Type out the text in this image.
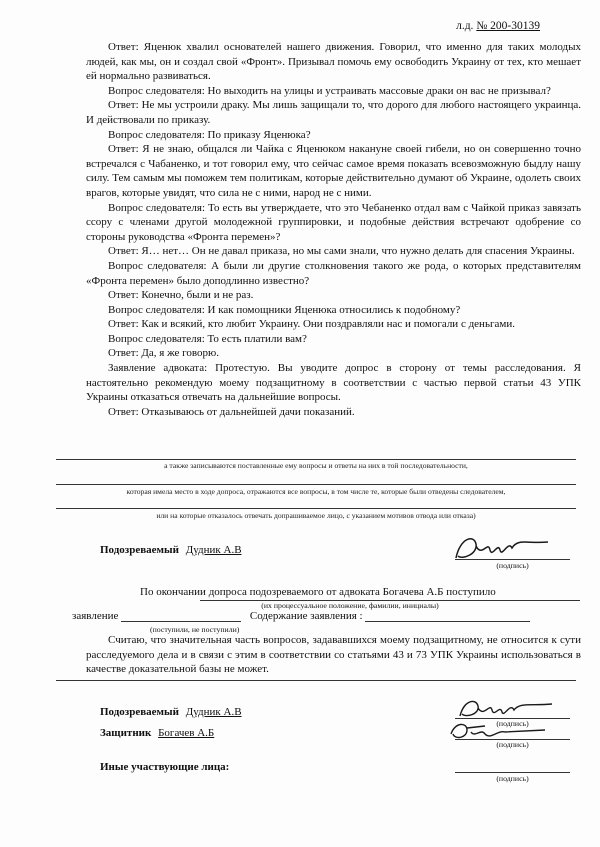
л.д. № 200-30139

Ответ: Яценюк хвалил основателей нашего движения. Говорил, что именно для таких молодых людей, как мы, он и создал свой «Фронт». Призывал помочь ему освободить Украину от тех, кто мешает ей нормально развиваться.

Вопрос следователя: Но выходить на улицы и устраивать массовые драки он вас не призывал?

Ответ: Не мы устроили драку. Мы лишь защищали то, что дорого для любого настоящего украинца. И действовали по приказу.

Вопрос следователя: По приказу Яценюка?

Ответ: Я не знаю, общался ли Чайка с Яценюком накануне своей гибели, но он совершенно точно встречался с Чабаненко, и тот говорил ему, что сейчас самое время показать всевозможную быдлу нашу силу. Тем самым мы поможем тем политикам, которые действительно думают об Украине, одолеть своих врагов, которые увидят, что сила не с ними, народ не с ними.

Вопрос следователя: То есть вы утверждаете, что это Чебаненко отдал вам с Чайкой приказ завязать ссору с членами другой молодежной группировки, и подобные действия встречают одобрение со стороны руководства «Фронта перемен»?

Ответ: Я… нет… Он не давал приказа, но мы сами знали, что нужно делать для спасения Украины.

Вопрос следователя: А были ли другие столкновения такого же рода, о которых представителям «Фронта перемен» было доподлинно известно?

Ответ: Конечно, были и не раз.

Вопрос следователя: И как помощники Яценюка относились к подобному?

Ответ: Как и всякий, кто любит Украину. Они поздравляли нас и помогали с деньгами.

Вопрос следователя: То есть платили вам?

Ответ: Да, я же говорю.

Заявление адвоката: Протестую. Вы уводите допрос в сторону от темы расследования. Я настоятельно рекомендую моему подзащитному в соответствии с частью первой статьи 43 УПК Украины отказаться отвечать на дальнейшие вопросы.

Ответ: Отказываюсь от дальнейшей дачи показаний.

а также записываются поставленные ему вопросы и ответы на них в той последовательности,
которая имела место в ходе допроса, отражаются все вопросы, в том числе те, которые были отведены следователем,
или на которые отказалось отвечать допрашиваемое лицо, с указанием мотивов отвода или отказа)
Подозреваемый Дудник А.В
(подпись)
По окончании допроса подозреваемого от адвоката Богачева А.Б поступило
(их процессуальное положение, фамилии, инициалы)
заявление	Содержание заявления :
(поступили, не поступили)

Считаю, что значительная часть вопросов, задававшихся моему подзащитному, не относится к сути расследуемого дела и в связи с этим в соответствии со статьями 43 и 73 УПК Украины использоваться в качестве доказательной базы не может.

Подозреваемый Дудник А.В
(подпись)
Защитник Богачев А.Б
(подпись)
Иные участвующие лица:
(подпись)
